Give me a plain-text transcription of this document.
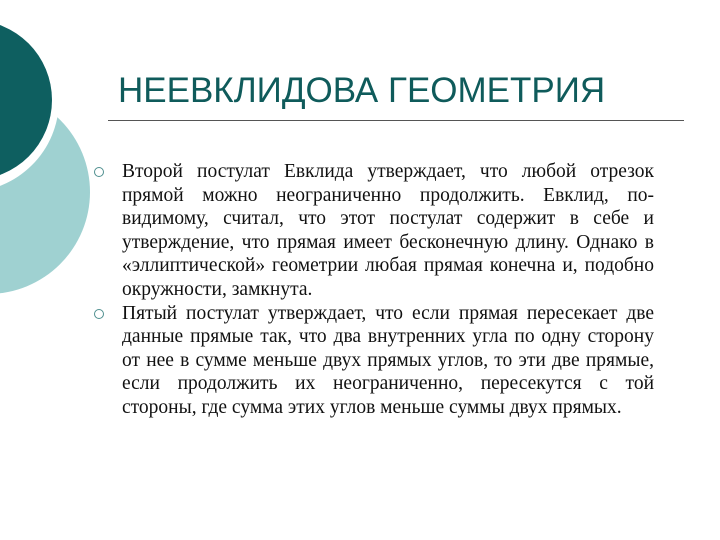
НЕЕВКЛИДОВА ГЕОМЕТРИЯ
Второй постулат Евклида утверждает, что любой отрезок прямой можно неограниченно продолжить. Евклид, по-видимому, считал, что этот постулат содержит в себе и утверждение, что прямая имеет бесконечную длину. Однако в «эллиптической» геометрии любая прямая конечна и, подобно окружности, замкнута.
Пятый постулат утверждает, что если прямая пересекает две данные прямые так, что два внутренних угла по одну сторону от нее в сумме меньше двух прямых углов, то эти две прямые, если продолжить их неограниченно, пересекутся с той стороны, где сумма этих углов меньше суммы двух прямых.
